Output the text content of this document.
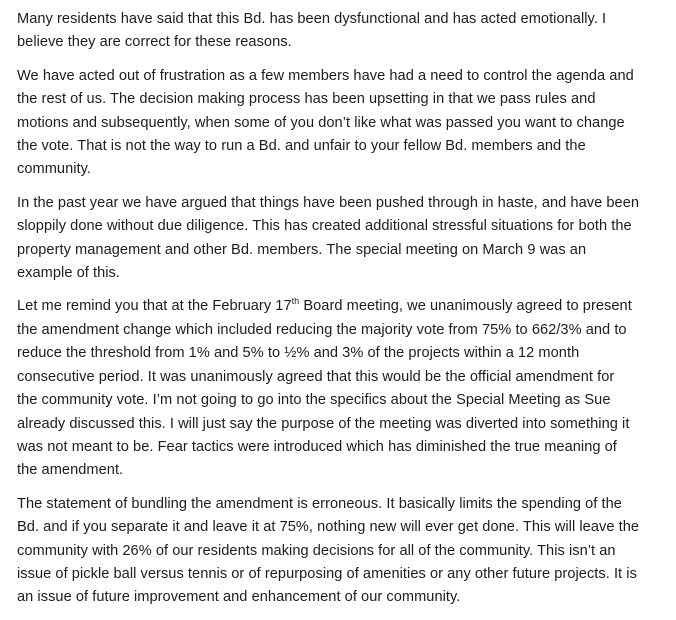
Many residents have said that this Bd. has been dysfunctional and has acted emotionally. I
believe they are correct for these reasons.

We have acted out of frustration as a few members have had a need to control the agenda and
the rest of us. The decision making process has been upsetting in that we pass rules and
motions and subsequently, when some of you don’t like what was passed you want to change
the vote. That is not the way to run a Bd. and unfair to your fellow Bd. members and the
community.

In the past year we have argued that things have been pushed through in haste, and have been
sloppily done without due diligence. This has created additional stressful situations for both the
property management and other Bd. members. The special meeting on March 9 was an
example of this.

Let me remind you that at the February 17th Board meeting, we unanimously agreed to present
the amendment change which included reducing the majority vote from 75% to 662/3% and to
reduce the threshold from 1% and 5% to ½% and 3% of the projects within a 12 month
consecutive period. It was unanimously agreed that this would be the official amendment for
the community vote. I’m not going to go into the specifics about the Special Meeting as Sue
already discussed this. I will just say the purpose of the meeting was diverted into something it
was not meant to be. Fear tactics were introduced which has diminished the true meaning of
the amendment.

The statement of bundling the amendment is erroneous. It basically limits the spending of the
Bd. and if you separate it and leave it at 75%, nothing new will ever get done. This will leave the
community with 26% of our residents making decisions for all of the community. This isn’t an
issue of pickle ball versus tennis or of repurposing of amenities or any other future projects. It is
an issue of future improvement and enhancement of our community.
